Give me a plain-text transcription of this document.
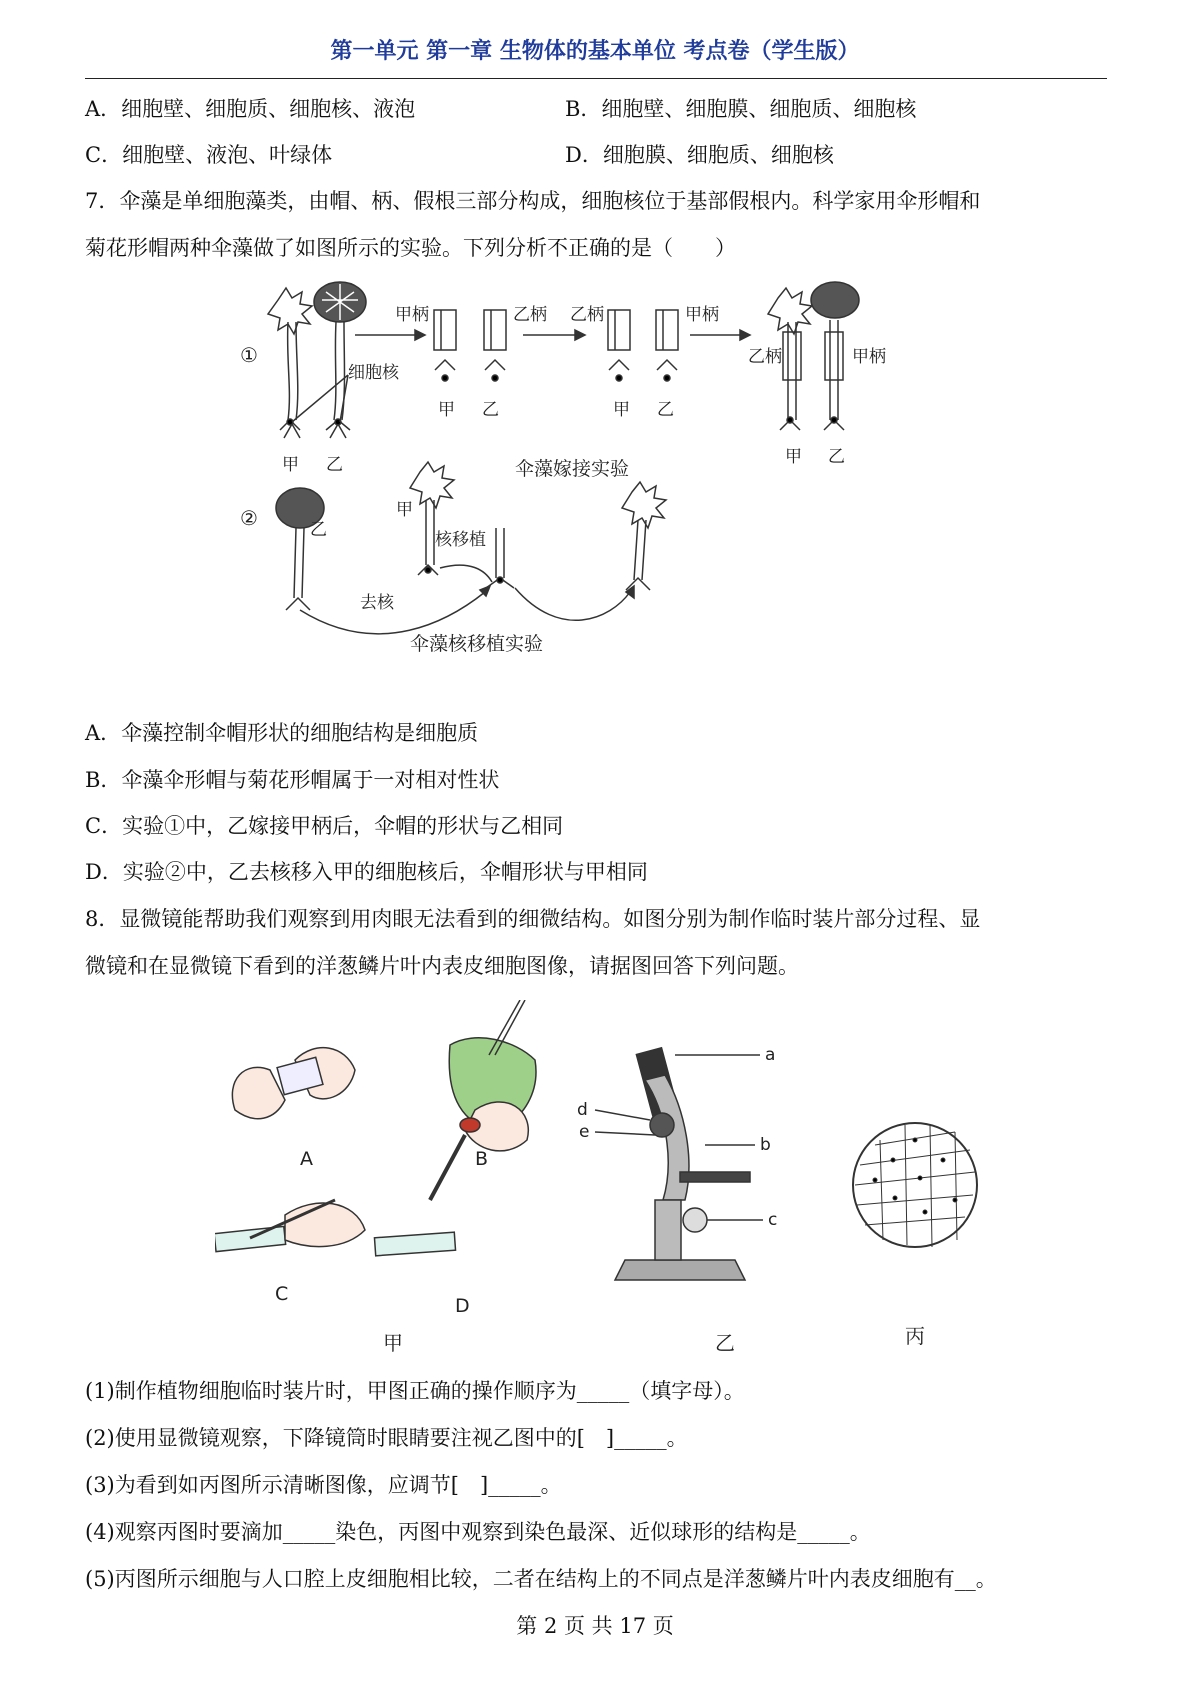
第一单元 第一章 生物体的基本单位 考点卷（学生版）
A．细胞壁、细胞质、细胞核、液泡	B．细胞壁、细胞膜、细胞质、细胞核
C．细胞壁、液泡、叶绿体	D．细胞膜、细胞质、细胞核
7．伞藻是单细胞藻类，由帽、柄、假根三部分构成，细胞核位于基部假根内。科学家用伞形帽和
菊花形帽两种伞藻做了如图所示的实验。下列分析不正确的是（　　）
①
细胞核
甲 乙
甲柄	乙柄
甲 乙
乙柄	甲柄
甲 乙
乙柄	甲柄
甲 乙
伞藻嫁接实验
②	乙
甲
核移植
去核
伞藻核移植实验
A．伞藻控制伞帽形状的细胞结构是细胞质
B．伞藻伞形帽与菊花形帽属于一对相对性状
C．实验①中，乙嫁接甲柄后，伞帽的形状与乙相同
D．实验②中，乙去核移入甲的细胞核后，伞帽形状与甲相同
8．显微镜能帮助我们观察到用肉眼无法看到的细微结构。如图分别为制作临时装片部分过程、显
微镜和在显微镜下看到的洋葱鳞片叶内表皮细胞图像，请据图回答下列问题。
A	B
C
D
甲
a
b
c
d
e
乙	丙
(1)制作植物细胞临时装片时，甲图正确的操作顺序为_____（填字母）。
(2)使用显微镜观察，下降镜筒时眼睛要注视乙图中的[　]_____。
(3)为看到如丙图所示清晰图像，应调节[　]_____。
(4)观察丙图时要滴加_____染色，丙图中观察到染色最深、近似球形的结构是_____。
(5)丙图所示细胞与人口腔上皮细胞相比较，二者在结构上的不同点是洋葱鳞片叶内表皮细胞有__。
第 2 页 共 17 页
